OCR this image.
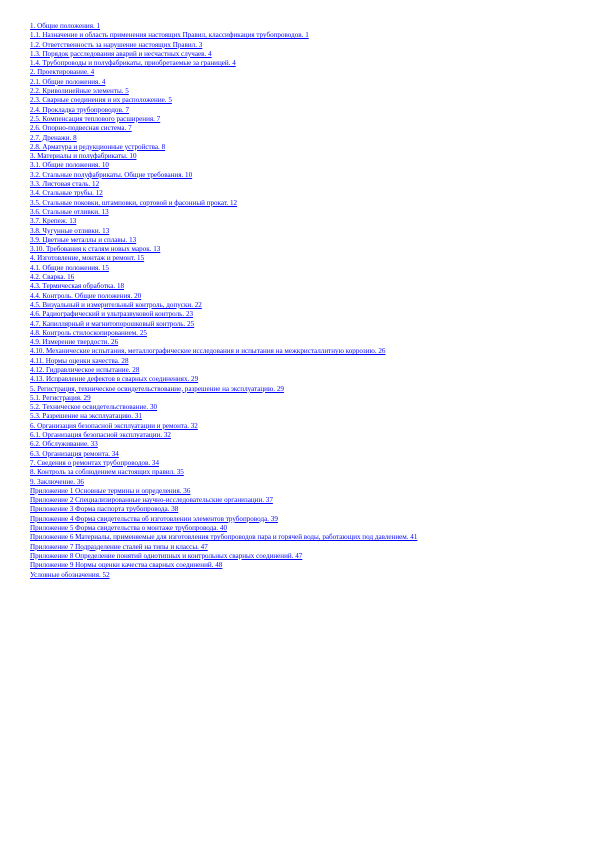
1. Общие положения. 1
1.1. Назначение и область применения настоящих Правил, классификация трубопроводов. 1
1.2. Ответственность за нарушение настоящих Правил. 3
1.3. Порядок расследования аварий и несчастных случаев. 4
1.4. Трубопроводы и полуфабрикаты, приобретаемые за границей. 4
2. Проектирование. 4
2.1. Общие положения. 4
2.2. Криволинейные элементы. 5
2.3. Сварные соединения и их расположение. 5
2.4. Прокладка трубопроводов. 7
2.5. Компенсация теплового расширения. 7
2.6. Опорно-подвесная система. 7
2.7. Дренажи. 8
2.8. Арматура и редукционные устройства. 8
3. Материалы и полуфабрикаты. 10
3.1. Общие положения. 10
3.2. Стальные полуфабрикаты. Общие требования. 10
3.3. Листовая сталь. 12
3.4. Стальные трубы. 12
3.5. Стальные поковки, штамповки, сортовой и фасонный прокат. 12
3.6. Стальные отливки. 13
3.7. Крепеж. 13
3.8. Чугунные отливки. 13
3.9. Цветные металлы и сплавы. 13
3.10. Требования к сталям новых марок. 13
4. Изготовление, монтаж и ремонт. 15
4.1. Общие положения. 15
4.2. Сварка. 16
4.3. Термическая обработка. 18
4.4. Контроль. Общие положения. 20
4.5. Визуальный и измерительный контроль, допуски. 22
4.6. Радиографический и ультразвуковой контроль. 23
4.7. Капиллярный и магнитопорошковый контроль. 25
4.8. Контроль стилоскопированием. 25
4.9. Измерение твердости. 26
4.10. Механические испытания, металлографические исследования и испытания на межкристаллитную коррозию. 26
4.11. Нормы оценки качества. 28
4.12. Гидравлическое испытание. 28
4.13. Исправление дефектов в сварных соединениях. 29
5. Регистрация, техническое освидетельствование, разрешение на эксплуатацию. 29
5.1. Регистрация. 29
5.2. Техническое освидетельствование. 30
5.3. Разрешение на эксплуатацию. 31
6. Организация безопасной эксплуатации и ремонта. 32
6.1. Организация безопасной эксплуатации. 32
6.2. Обслуживание. 33
6.3. Организация ремонта. 34
7. Сведения о ремонтах трубопроводов. 34
8. Контроль за соблюдением настоящих правил. 35
9. Заключение. 36
Приложение 1 Основные термины и определения. 36
Приложение 2 Специализированные научно-исследовательские организации. 37
Приложение 3 Форма паспорта трубопровода. 38
Приложение 4 Форма свидетельства об изготовлении элементов трубопровода. 39
Приложение 5 Форма свидетельства о монтаже трубопровода. 40
Приложение 6 Материалы, применяемые для изготовления трубопроводов пара и горячей воды, работающих под давлением. 41
Приложение 7 Подразделение сталей на типы и классы. 47
Приложение 8 Определение понятий однотипных и контрольных сварных соединений. 47
Приложение 9 Нормы оценки качества сварных соединений. 48
Условные обозначения. 52
